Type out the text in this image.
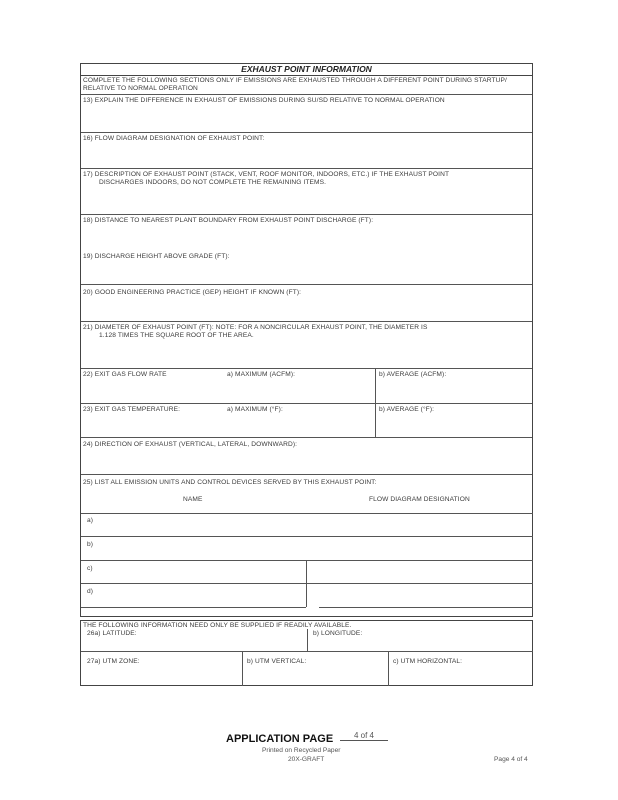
EXHAUST POINT INFORMATION
COMPLETE THE FOLLOWING SECTIONS ONLY IF EMISSIONS ARE EXHAUSTED THROUGH A DIFFERENT POINT DURING STARTUP/
RELATIVE TO NORMAL OPERATION
13) EXPLAIN THE DIFFERENCE IN EXHAUST OF EMISSIONS DURING SU/SD RELATIVE TO NORMAL OPERATION
16) FLOW DIAGRAM DESIGNATION OF EXHAUST POINT:
17) DESCRIPTION OF EXHAUST POINT (STACK, VENT, ROOF MONITOR, INDOORS, ETC.) IF THE EXHAUST POINT
DISCHARGES INDOORS, DO NOT COMPLETE THE REMAINING ITEMS.
18) DISTANCE TO NEAREST PLANT BOUNDARY FROM EXHAUST POINT DISCHARGE (FT):
19) DISCHARGE HEIGHT ABOVE GRADE (FT):
20) GOOD ENGINEERING PRACTICE (GEP) HEIGHT IF KNOWN (FT):
21) DIAMETER OF EXHAUST POINT (FT): NOTE: FOR A NONCIRCULAR EXHAUST POINT, THE DIAMETER IS
1.128 TIMES THE SQUARE ROOT OF THE AREA.
22) EXIT GAS FLOW RATE	a) MAXIMUM (ACFM):	b) AVERAGE (ACFM):
23) EXIT GAS TEMPERATURE:	a) MAXIMUM (°F):	b) AVERAGE (°F):
24) DIRECTION OF EXHAUST (VERTICAL, LATERAL, DOWNWARD):
25) LIST ALL EMISSION UNITS AND CONTROL DEVICES SERVED BY THIS EXHAUST POINT:
NAME	FLOW DIAGRAM DESIGNATION
a)
b)
c)
d)
THE FOLLOWING INFORMATION NEED ONLY BE SUPPLIED IF READILY AVAILABLE.
26a) LATITUDE:	b) LONGITUDE:
27a) UTM ZONE:	b) UTM VERTICAL:	c) UTM HORIZONTAL:
APPLICATION PAGE	4 of 4
Printed on Recycled Paper
20X-GRAFT	Page 4 of 4
